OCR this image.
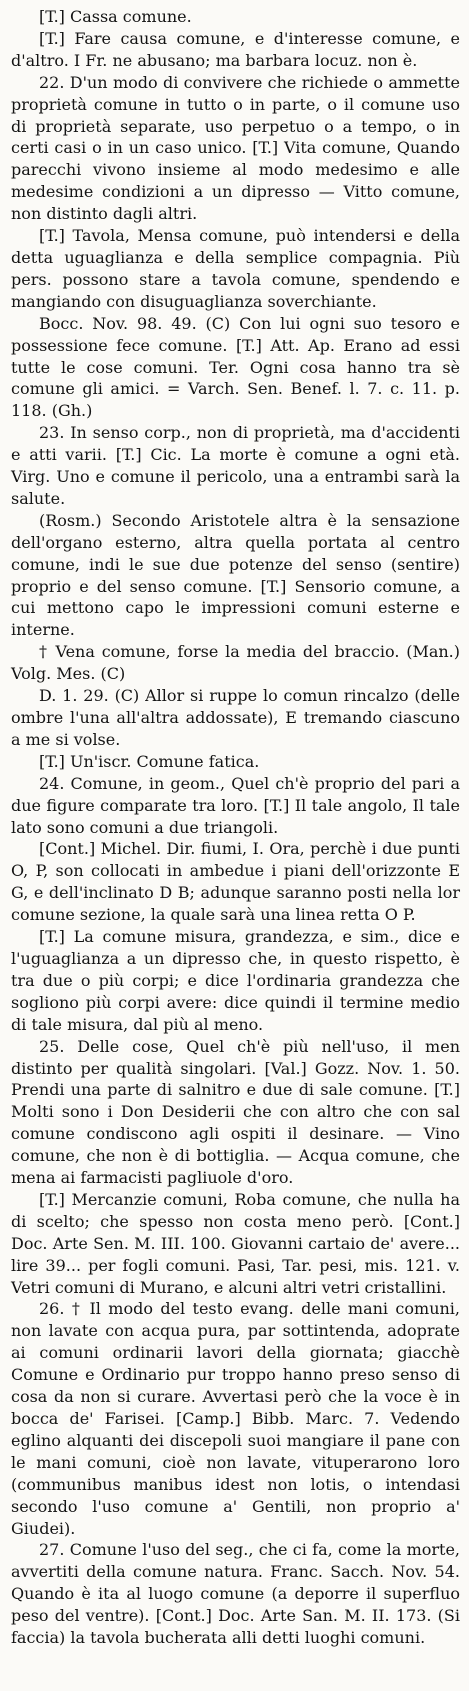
[T.] Cassa comune.

[T.] Fare causa comune, e d'interesse comune, e d'altro. I Fr. ne abusano; ma barbara locuz. non è.

22. D'un modo di convivere che richiede o ammette proprietà comune in tutto o in parte, o il comune uso di proprietà separate, uso perpetuo o a tempo, o in certi casi o in un caso unico. [T.] Vita comune, Quando parecchi vivono insieme al modo medesimo e alle medesime condizioni a un dipresso — Vitto comune, non distinto dagli altri.

[T.] Tavola, Mensa comune, può intendersi e della detta uguaglianza e della semplice compagnia. Più pers. possono stare a tavola comune, spendendo e mangiando con disuguaglianza soverchiante.

Bocc. Nov. 98. 49. (C) Con lui ogni suo tesoro e possessione fece comune. [T.] Att. Ap. Erano ad essi tutte le cose comuni. Ter. Ogni cosa hanno tra sè comune gli amici. = Varch. Sen. Benef. l. 7. c. 11. p. 118. (Gh.)

23. In senso corp., non di proprietà, ma d'accidenti e atti varii. [T.] Cic. La morte è comune a ogni età. Virg. Uno e comune il pericolo, una a entrambi sarà la salute.

(Rosm.) Secondo Aristotele altra è la sensazione dell'organo esterno, altra quella portata al centro comune, indi le sue due potenze del senso (sentire) proprio e del senso comune. [T.] Sensorio comune, a cui mettono capo le impressioni comuni esterne e interne.

† Vena comune, forse la media del braccio. (Man.) Volg. Mes. (C)

D. 1. 29. (C) Allor si ruppe lo comun rincalzo (delle ombre l'una all'altra addossate), E tremando ciascuno a me si volse.

[T.] Un'iscr. Comune fatica.

24. Comune, in geom., Quel ch'è proprio del pari a due figure comparate tra loro. [T.] Il tale angolo, Il tale lato sono comuni a due triangoli.

[Cont.] Michel. Dir. fiumi, I. Ora, perchè i due punti O, P, son collocati in ambedue i piani dell'orizzonte E G, e dell'inclinato D B; adunque saranno posti nella lor comune sezione, la quale sarà una linea retta O P.

[T.] La comune misura, grandezza, e sim., dice e l'uguaglianza a un dipresso che, in questo rispetto, è tra due o più corpi; e dice l'ordinaria grandezza che sogliono più corpi avere: dice quindi il termine medio di tale misura, dal più al meno.

25. Delle cose, Quel ch'è più nell'uso, il men distinto per qualità singolari. [Val.] Gozz. Nov. 1. 50. Prendi una parte di salnitro e due di sale comune. [T.] Molti sono i Don Desiderii che con altro che con sal comune condiscono agli ospiti il desinare. — Vino comune, che non è di bottiglia. — Acqua comune, che mena ai farmacisti pagliuole d'oro.

[T.] Mercanzie comuni, Roba comune, che nulla ha di scelto; che spesso non costa meno però. [Cont.] Doc. Arte Sen. M. III. 100. Giovanni cartaio de' avere... lire 39... per fogli comuni. Pasi, Tar. pesi, mis. 121. v. Vetri comuni di Murano, e alcuni altri vetri cristallini.

26. † Il modo del testo evang. delle mani comuni, non lavate con acqua pura, par sottintenda, adoprate ai comuni ordinarii lavori della giornata; giacchè Comune e Ordinario pur troppo hanno preso senso di cosa da non si curare. Avvertasi però che la voce è in bocca de' Farisei. [Camp.] Bibb. Marc. 7. Vedendo eglino alquanti dei discepoli suoi mangiare il pane con le mani comuni, cioè non lavate, vituperarono loro (communibus manibus idest non lotis, o intendasi secondo l'uso comune a' Gentili, non proprio a' Giudei).

27. Comune l'uso del seg., che ci fa, come la morte, avvertiti della comune natura. Franc. Sacch. Nov. 54. Quando è ita al luogo comune (a deporre il superfluo peso del ventre). [Cont.] Doc. Arte San. M. II. 173. (Si faccia) la tavola bucherata alli detti luoghi comuni.
